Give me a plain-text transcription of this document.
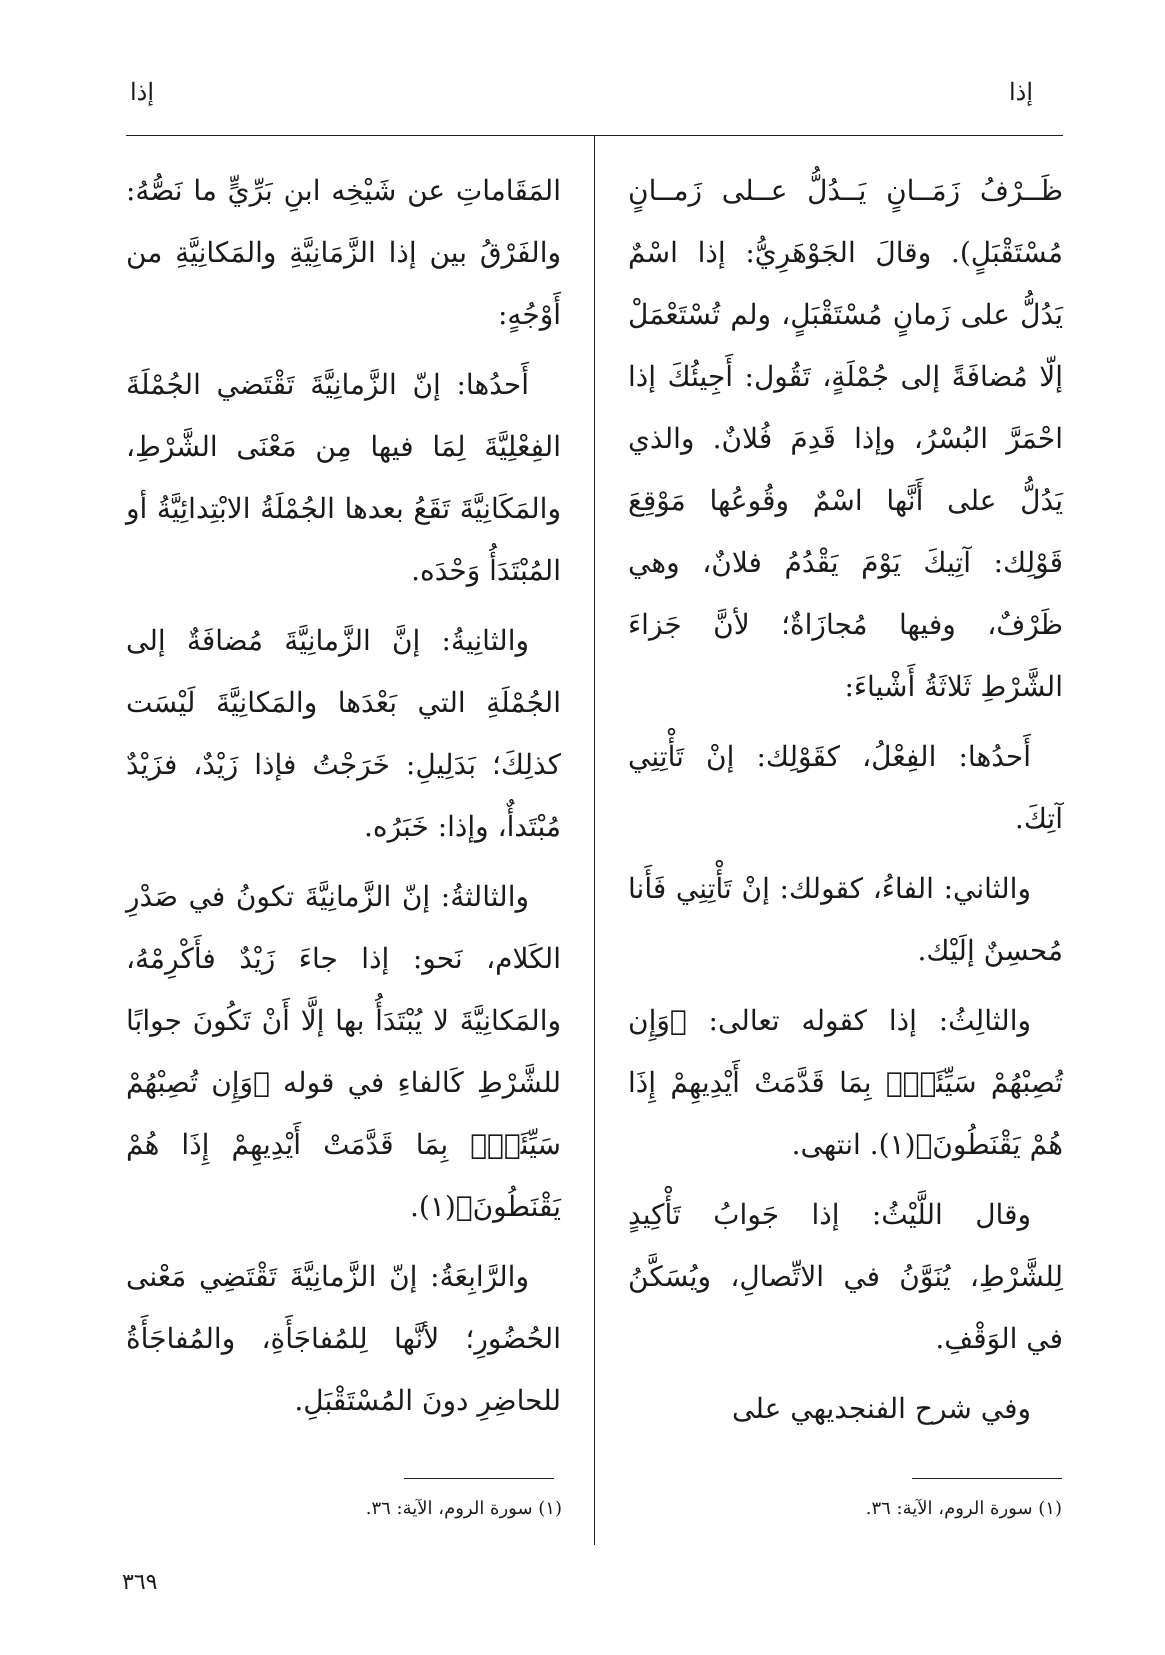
إذا
إذا

ظَــرْفُ زَمَــانٍ يَــدُلُّ عــلى زَمــانٍ مُسْتَقْبَلٍ). وقالَ الجَوْهَرِيُّ: إذا اسْمٌ يَدُلُّ على زَمانٍ مُسْتَقْبَلٍ، ولم تُسْتَعْمَلْ إلّا مُضافَةً إلى جُمْلَةٍ، تَقُول: أَجِيئُكَ إذا احْمَرَّ البُسْرُ، وإذا قَدِمَ فُلانٌ. والذي يَدُلُّ على أَنَّها اسْمٌ وقُوعُها مَوْقِعَ قَوْلِك: آتِيكَ يَوْمَ يَقْدُمُ فلانٌ، وهي ظَرْفٌ، وفيها مُجازَاةٌ؛ لأنَّ جَزاءَ الشَّرْطِ ثَلاثَةُ أَشْياءَ:

أَحدُها: الفِعْلُ، كقَوْلِك: إنْ تَأْتِنِي آتِكَ.

والثاني: الفاءُ، كقولك: إنْ تَأْتِنِي فَأَنا مُحسِنٌ إلَيْك.

والثالِثُ: إذا كقوله تعالى: ﴿وَإِن تُصِبْهُمْ سَيِّئَةٌۢ بِمَا قَدَّمَتْ أَيْدِيهِمْ إِذَا هُمْ يَقْنَطُونَ﴾(١). انتهى.

وقال اللَّيْثُ: إذا جَوابُ تَأْكِيدٍ لِلشَّرْطِ، يُنَوَّنُ في الاتِّصالِ، ويُسَكَّنُ في الوَقْفِ.

وفي شرح الفنجديهي على

المَقَاماتِ عن شَيْخِه ابنِ بَرِّيٍّ ما نَصُّهُ: والفَرْقُ بين إذا الزَّمَانِيَّةِ والمَكانِيَّةِ من أَوْجُهٍ:

أَحدُها: إنّ الزَّمانِيَّةَ تَقْتَضي الجُمْلَةَ الفِعْلِيَّةَ لِمَا فيها مِن مَعْنَى الشَّرْطِ، والمَكَانِيَّةَ تَقَعُ بعدها الجُمْلَةُ الابْتِدائِيَّةُ أو المُبْتَدَأُ وَحْدَه.

والثانِيةُ: إنَّ الزَّمانِيَّةَ مُضافَةٌ إلى الجُمْلَةِ التي بَعْدَها والمَكانِيَّةَ لَيْسَت كذلِكَ؛ بَدَلِيلِ: خَرَجْتُ فإذا زَيْدٌ، فزَيْدٌ مُبْتَدأٌ، وإذا: خَبَرُه.

والثالثةُ: إنّ الزَّمانِيَّةَ تكونُ في صَدْرِ الكَلام، نَحو: إذا جاءَ زَيْدٌ فأَكْرِمْهُ، والمَكانِيَّةَ لا يُبْتَدَأُ بها إلَّا أَنْ تَكُونَ جوابًا للشَّرْطِ كَالفاءِ في قوله ﴿وَإِن تُصِبْهُمْ سَيِّئَةٌۢ بِمَا قَدَّمَتْ أَيْدِيهِمْ إِذَا هُمْ يَقْنَطُونَ﴾(١).

والرَّابِعَةُ: إنّ الزَّمانِيَّةَ تَقْتَضِي مَعْنى الحُضُورِ؛ لأنَّها لِلمُفاجَأَةِ، والمُفاجَأَةُ للحاضِرِ دونَ المُسْتَقْبَلِ.

(١) سورة الروم، الآية: ٣٦.
(١) سورة الروم، الآية: ٣٦.
٣٦٩
